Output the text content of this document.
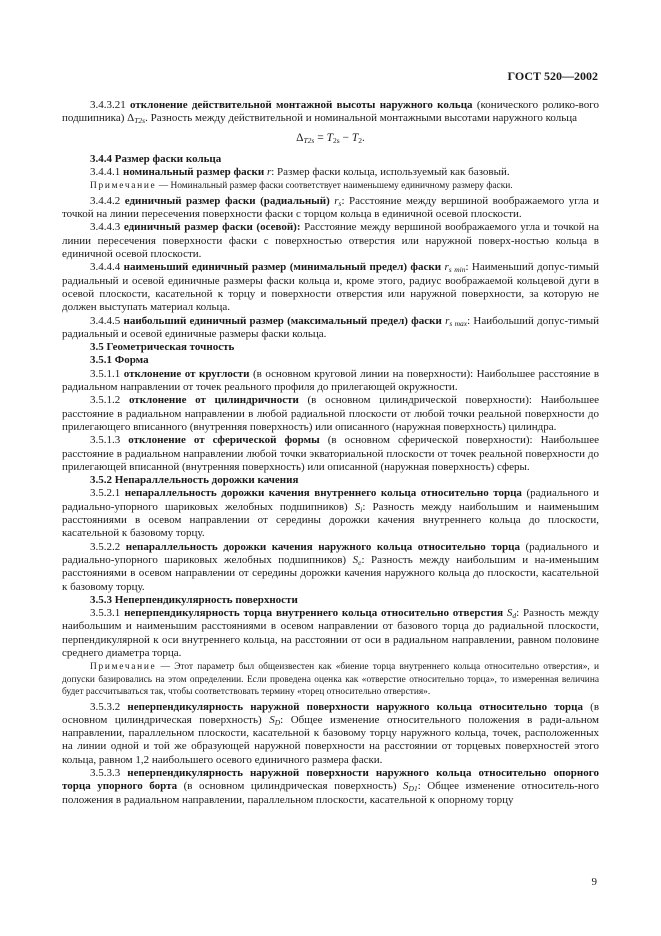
ГОСТ 520—2002

3.4.3.21 отклонение действительной монтажной высоты наружного кольца (конического ролико-вого подшипника) $\Delta_{T2s}$. Разность между действительной и номинальной монтажными высотами наружного кольца

$\Delta_{T2s} = T_{2s} - T_2$.

3.4.4 Размер фаски кольца

3.4.4.1 номинальный размер фаски r: Размер фаски кольца, используемый как базовый.

Примечание — Номинальный размер фаски соответствует наименьшему единичному размеру фаски.

3.4.4.2 единичный размер фаски (радиальный) $r_s$: Расстояние между вершиной воображаемого угла и точкой на линии пересечения поверхности фаски с торцом кольца в единичной осевой плоскости.

3.4.4.3 единичный размер фаски (осевой): Расстояние между вершиной воображаемого угла и точкой на линии пересечения поверхности фаски с поверхностью отверстия или наружной поверх-ностью кольца в единичной осевой плоскости.

3.4.4.4 наименьший единичный размер (минимальный предел) фаски $r_{s min}$: Наименьший допус-тимый радиальный и осевой единичные размеры фаски кольца и, кроме этого, радиус воображаемой кольцевой дуги в осевой плоскости, касательной к торцу и поверхности отверстия или наружной поверхности, за которую не должен выступать материал кольца.

3.4.4.5 наибольший единичный размер (максимальный предел) фаски $r_{s max}$: Наибольший допус-тимый радиальный и осевой единичные размеры фаски кольца.

3.5 Геометрическая точность

3.5.1 Форма

3.5.1.1 отклонение от круглости (в основном круговой линии на поверхности): Наибольшее расстояние в радиальном направлении от точек реального профиля до прилегающей окружности.

3.5.1.2 отклонение от цилиндричности (в основном цилиндрической поверхности): Наибольшее расстояние в радиальном направлении в любой радиальной плоскости от любой точки реальной поверхности до прилегающего вписанного (внутренняя поверхность) или описанного (наружная поверхность) цилиндра.

3.5.1.3 отклонение от сферической формы (в основном сферической поверхности): Наибольшее расстояние в радиальном направлении любой точки экваториальной плоскости от точек реальной поверхности до прилегающей вписанной (внутренняя поверхность) или описанной (наружная поверхность) сферы.

3.5.2 Непараллельность дорожки качения

3.5.2.1 непараллельность дорожки качения внутреннего кольца относительно торца (радиального и радиально-упорного шариковых желобных подшипников) $S_i$: Разность между наибольшим и наименьшим расстояниями в осевом направлении от середины дорожки качения внутреннего кольца до плоскости, касательной к базовому торцу.

3.5.2.2 непараллельность дорожки качения наружного кольца относительно торца (радиального и радиально-упорного шариковых желобных подшипников) $S_e$: Разность между наибольшим и на-именьшим расстояниями в осевом направлении от середины дорожки качения наружного кольца до плоскости, касательной к базовому торцу.

3.5.3 Неперпендикулярность поверхности

3.5.3.1 неперпендикулярность торца внутреннего кольца относительно отверстия $S_d$: Разность между наибольшим и наименьшим расстояниями в осевом направлении от базового торца до радиальной плоскости, перпендикулярной к оси внутреннего кольца, на расстоянии от оси в радиальном направлении, равном половине среднего диаметра торца.

Примечание — Этот параметр был общеизвестен как «биение торца внутреннего кольца относительно отверстия», и допуски базировались на этом определении. Если проведена оценка как «отверстие относительно торца», то измеренная величина будет рассчитываться так, чтобы соответствовать термину «торец относительно отверстия».

3.5.3.2 неперпендикулярность наружной поверхности наружного кольца относительно торца (в основном цилиндрическая поверхность) $S_D$: Общее изменение относительного положения в ради-альном направлении, параллельном плоскости, касательной к базовому торцу наружного кольца, точек, расположенных на линии одной и той же образующей наружной поверхности на расстоянии от торцевых поверхностей этого кольца, равном 1,2 наибольшего осевого единичного размера фаски.

3.5.3.3 неперпендикулярность наружной поверхности наружного кольца относительно опорного торца упорного борта (в основном цилиндрическая поверхность) $S_{D1}$: Общее изменение относитель-ного положения в радиальном направлении, параллельном плоскости, касательной к опорному торцу

9
